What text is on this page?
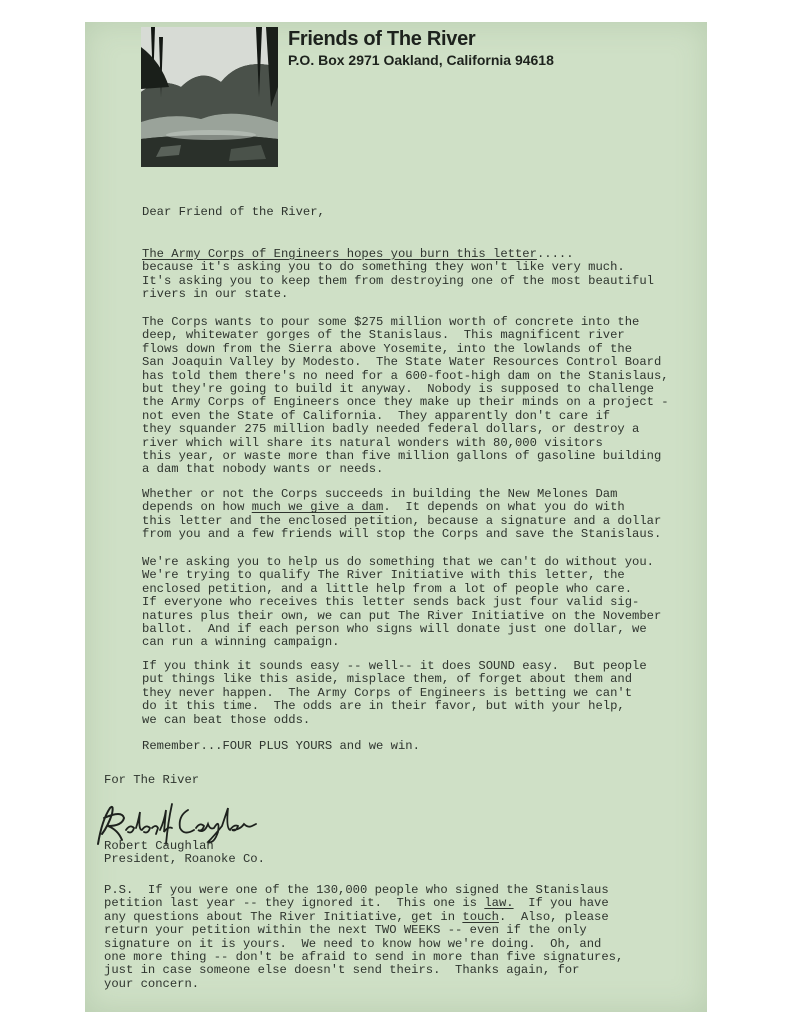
Friends of The River
P.O. Box 2971 Oakland, California 94618
Dear Friend of the River,
The Army Corps of Engineers hopes you burn this letter.....
because it's asking you to do something they won't like very much.
It's asking you to keep them from destroying one of the most beautiful
rivers in our state.
The Corps wants to pour some $275 million worth of concrete into the
deep, whitewater gorges of the Stanislaus.  This magnificent river
flows down from the Sierra above Yosemite, into the lowlands of the
San Joaquin Valley by Modesto.  The State Water Resources Control Board
has told them there's no need for a 600-foot-high dam on the Stanislaus,
but they're going to build it anyway.  Nobody is supposed to challenge
the Army Corps of Engineers once they make up their minds on a project -
not even the State of California.  They apparently don't care if
they squander 275 million badly needed federal dollars, or destroy a
river which will share its natural wonders with 80,000 visitors
this year, or waste more than five million gallons of gasoline building
a dam that nobody wants or needs.
Whether or not the Corps succeeds in building the New Melones Dam
depends on how much we give a dam.  It depends on what you do with
this letter and the enclosed petition, because a signature and a dollar
from you and a few friends will stop the Corps and save the Stanislaus.
We're asking you to help us do something that we can't do without you.
We're trying to qualify The River Initiative with this letter, the
enclosed petition, and a little help from a lot of people who care.
If everyone who receives this letter sends back just four valid sig-
natures plus their own, we can put The River Initiative on the November
ballot.  And if each person who signs will donate just one dollar, we
can run a winning campaign.
If you think it sounds easy -- well-- it does SOUND easy.  But people
put things like this aside, misplace them, of forget about them and
they never happen.  The Army Corps of Engineers is betting we can't
do it this time.  The odds are in their favor, but with your help,
we can beat those odds.
Remember...FOUR PLUS YOURS and we win.
For The River
Robert Caughlan
President, Roanoke Co.
P.S.  If you were one of the 130,000 people who signed the Stanislaus
petition last year -- they ignored it.  This one is law.  If you have
any questions about The River Initiative, get in touch.  Also, please
return your petition within the next TWO WEEKS -- even if the only
signature on it is yours.  We need to know how we're doing.  Oh, and
one more thing -- don't be afraid to send in more than five signatures,
just in case someone else doesn't send theirs.  Thanks again, for
your concern.
